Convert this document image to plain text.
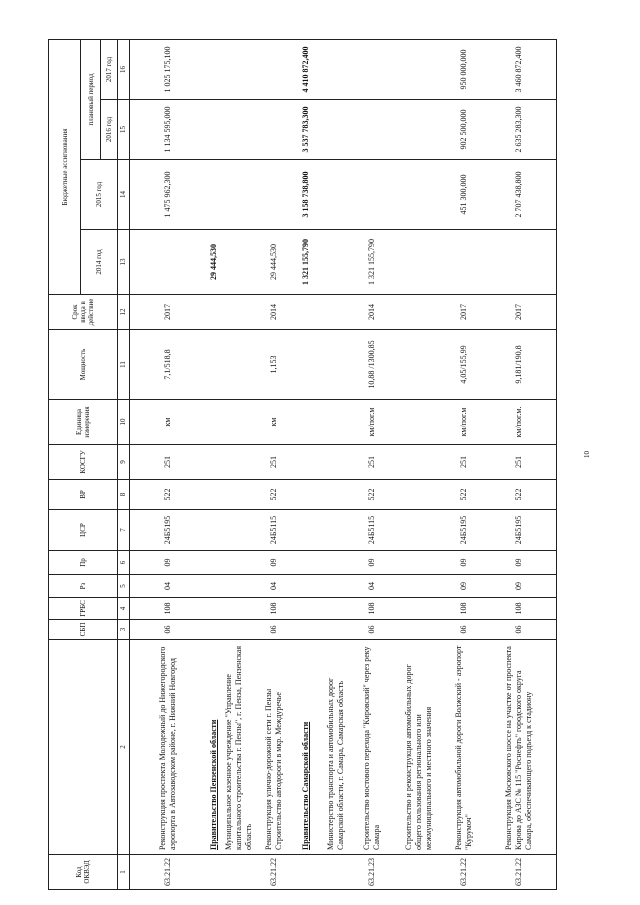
Код ОКВЭД		СБП	ГРБС	Рз	Пр	ЦСР	ВР	КОСГУ	Единица измерения	Мощность	Срок ввода в действие	Бюджетные ассигнования			
												2014 год	2015 год	плановый период	
														2016 год	2017 год
1	2	3	4	5	6	7	8	9	10	11	12	13	14	15	16
63.21.22	Реконструкция проспекта Молодежный до Нижегородского аэропорта в Автозаводском районе, г. Нижний Новгород	06	108	04	09	24Б5195	522	251	км	7,1/518,8	2017		1 475 962,300	1 134 595,000	1 025 175,100
	Правительство Пензенской области											29 444,530			
	Муниципальное казенное учреждение "Управление капитального строительства г. Пензы", г. Пенза, Пензенская область														
63.21.22	Реконструкция улично-дорожной сети г. Пензы Строительство автодороги в мкр. Междуречье	06	108	04	09	24Б5115	522	251	км	1,153	2014	29 444,530			
	Правительство Самарской области											1 321 155,790	3 158 738,800	3 537 783,300	4 410 872,400
	Министерство транспорта и автомобильных дорог Самарской области, г. Самара, Самарская область														
63.21.23	Строительство мостового перехода "Кировский" через реку Самара	06	108	04	09	24Б5115	522	251	км/пог.м	10,88 /1300,85	2014	1 321 155,790			
	Строительство и реконструкция автомобильных дорог общего пользования регионального или межмуниципального и местного значения														
63.21.22	Реконструкция автомобильной дороги Волжский - аэропорт "Курумоч"	06	108	09	09	24Б5195	522	251	км/пог.м	4,05/155,99	2017		451 300,000	902 500,000	950 000,000
63.21.22	Реконструкция Московского шоссе на участке от проспекта Кирова до АЗС № 115 "Роснефть" городского округа Самара, обеспечивающего подъезд к стадиону	06	108	09	09	24Б5195	522	251	км/пог.м.	9,181/190,8	2017		2 707 438,800	2 635 283,300	3 460 872,400
10
